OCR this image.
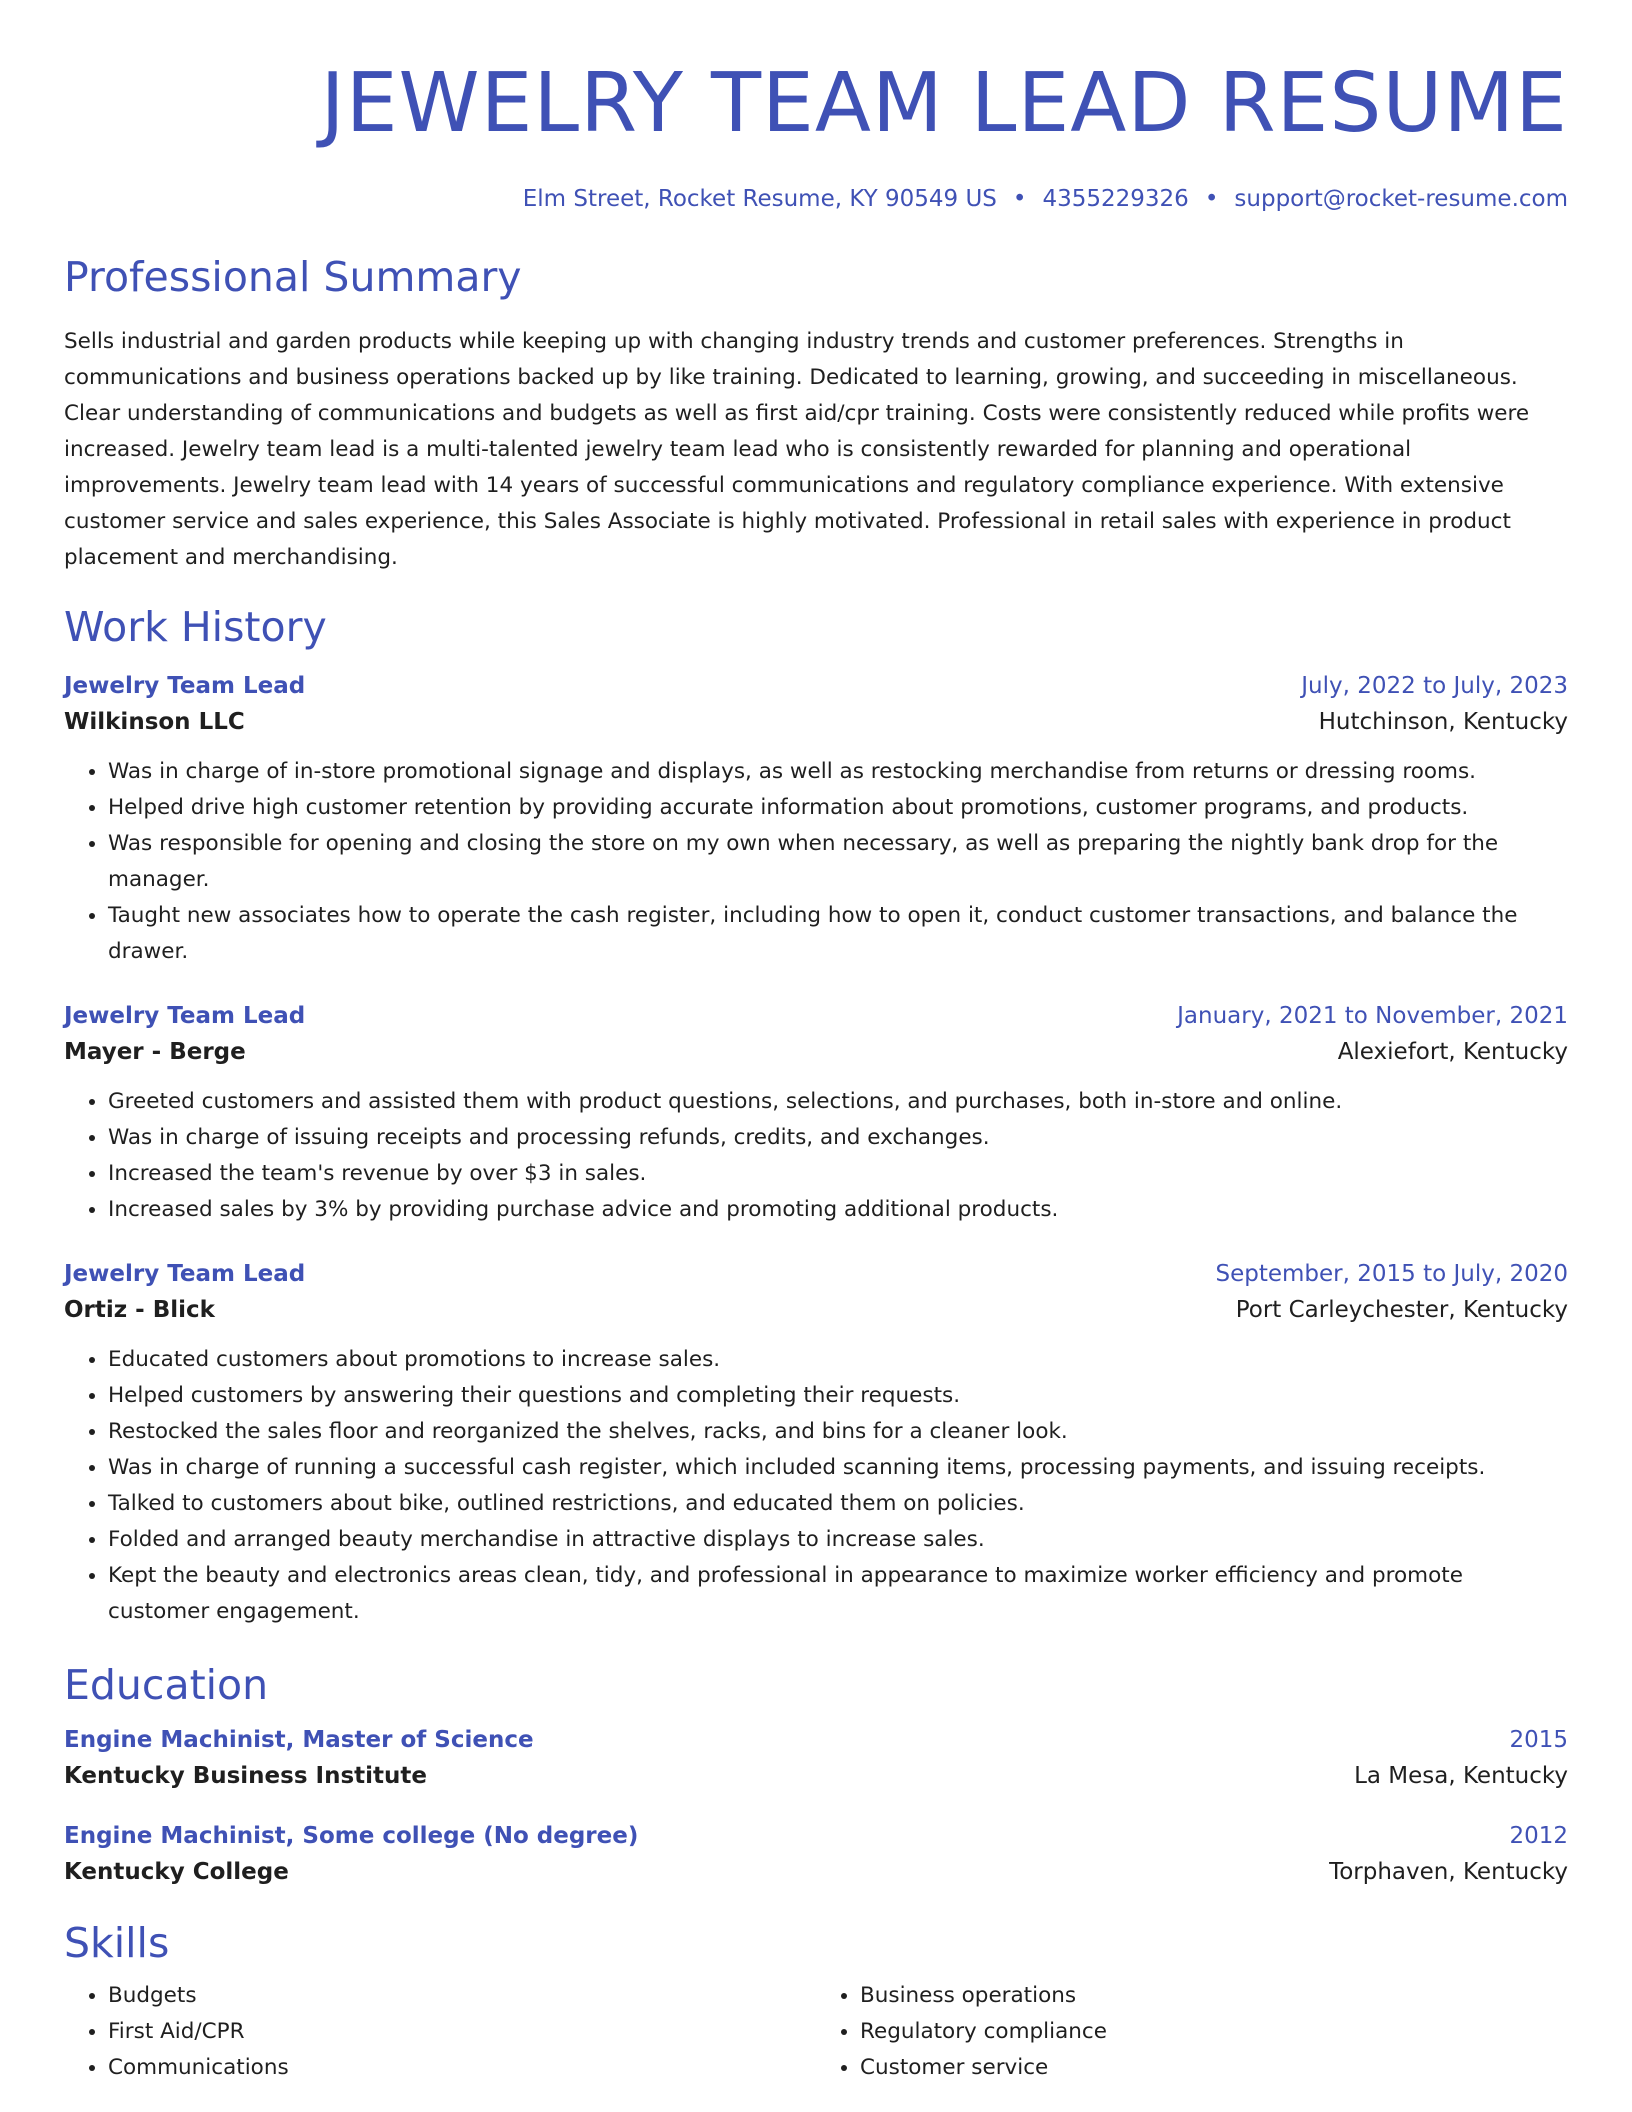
JEWELRY TEAM LEAD RESUME
Elm Street, Rocket Resume, KY 90549 US • 4355229326 • support@rocket-resume.com
Professional Summary

Sells industrial and garden products while keeping up with changing industry trends and customer preferences. Strengths in communications and business operations backed up by like training. Dedicated to learning, growing, and succeeding in miscellaneous. Clear understanding of communications and budgets as well as first aid/cpr training. Costs were consistently reduced while profits were increased. Jewelry team lead is a multi-talented jewelry team lead who is consistently rewarded for planning and operational improvements. Jewelry team lead with 14 years of successful communications and regulatory compliance experience. With extensive customer service and sales experience, this Sales Associate is highly motivated. Professional in retail sales with experience in product placement and merchandising.

Work History
Jewelry Team Lead	July, 2022 to July, 2023
Wilkinson LLC	Hutchinson, Kentucky
• Was in charge of in-store promotional signage and displays, as well as restocking merchandise from returns or dressing rooms.
• Helped drive high customer retention by providing accurate information about promotions, customer programs, and products.
• Was responsible for opening and closing the store on my own when necessary, as well as preparing the nightly bank drop for the manager.
• Taught new associates how to operate the cash register, including how to open it, conduct customer transactions, and balance the drawer.
Jewelry Team Lead	January, 2021 to November, 2021
Mayer - Berge	Alexiefort, Kentucky
• Greeted customers and assisted them with product questions, selections, and purchases, both in-store and online.
• Was in charge of issuing receipts and processing refunds, credits, and exchanges.
• Increased the team's revenue by over $3 in sales.
• Increased sales by 3% by providing purchase advice and promoting additional products.
Jewelry Team Lead	September, 2015 to July, 2020
Ortiz - Blick	Port Carleychester, Kentucky
• Educated customers about promotions to increase sales.
• Helped customers by answering their questions and completing their requests.
• Restocked the sales floor and reorganized the shelves, racks, and bins for a cleaner look.
• Was in charge of running a successful cash register, which included scanning items, processing payments, and issuing receipts.
• Talked to customers about bike, outlined restrictions, and educated them on policies.
• Folded and arranged beauty merchandise in attractive displays to increase sales.
• Kept the beauty and electronics areas clean, tidy, and professional in appearance to maximize worker efficiency and promote customer engagement.
Education
Engine Machinist, Master of Science	2015
Kentucky Business Institute	La Mesa, Kentucky
Engine Machinist, Some college (No degree)	2012
Kentucky College	Torphaven, Kentucky
Skills
• Budgets
• First Aid/CPR
• Communications
• Business operations
• Regulatory compliance
• Customer service
